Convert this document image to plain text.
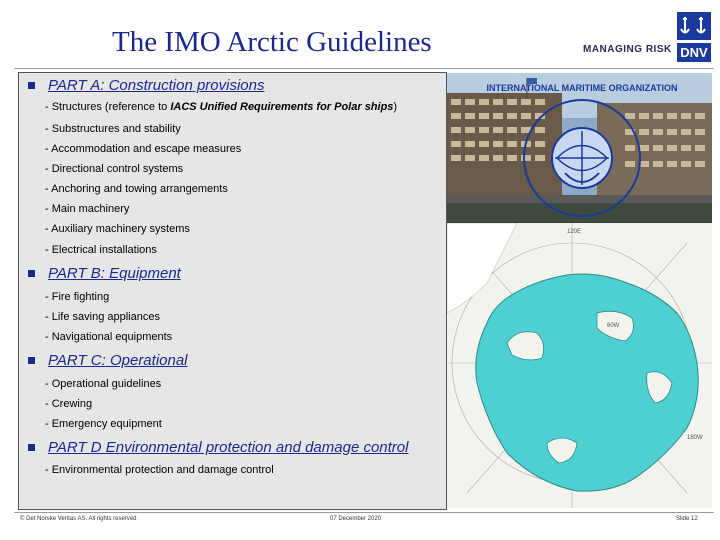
The IMO Arctic Guidelines	MANAGING RISK DNV
PART A: Construction provisions
- Structures (reference to IACS Unified Requirements for Polar ships)
- Substructures and stability
- Accommodation and escape measures
- Directional control systems
- Anchoring and towing arrangements
- Main machinery
- Auxiliary machinery systems
- Electrical installations
PART B: Equipment
- Fire fighting
- Life saving appliances
- Navigational equipments
PART C: Operational
- Operational guidelines
- Crewing
- Emergency equipment
PART D Environmental protection and damage control
- Environmental protection and damage control
INTERNATIONAL MARITIME ORGANIZATION
120E
60W
180W
© Det Norske Veritas AS. All rights reserved	07 December 2020	Slide 12
